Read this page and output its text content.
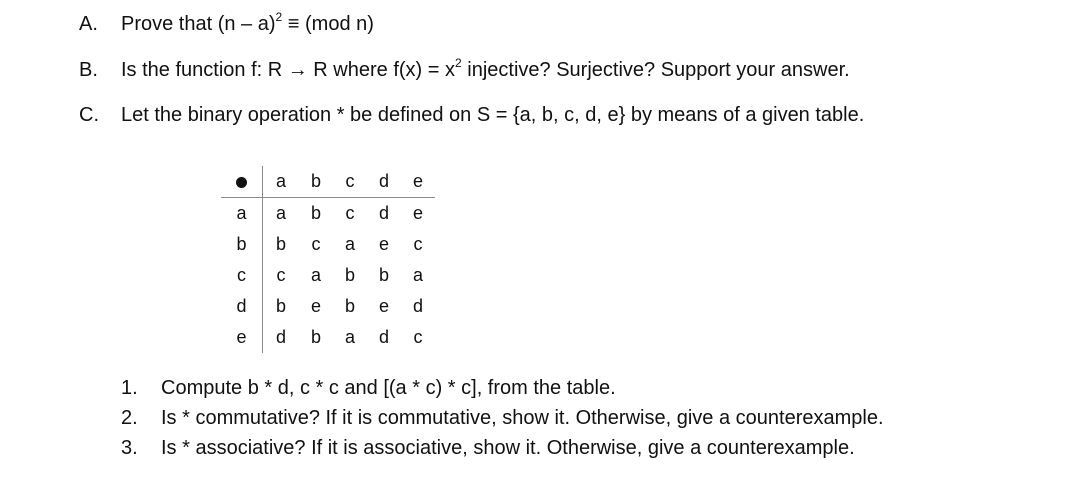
A. Prove that (n – a)$^2$ ≡ (mod n)
B. Is the function f: R → R where $f(x) = x^2$ injective? Surjective? Support your answer.
C. Let the binary operation * be defined on S = {a, b, c, d, e} by means of a given table.
	a	b	c	d	e
a	a	b	c	d	e
b	b	c	a	e	c
c	c	a	b	b	a
d	b	e	b	e	d
e	d	b	a	d	c
1. Compute b * d, c * c and [(a * c) * c], from the table.
2. Is * commutative? If it is commutative, show it. Otherwise, give a counterexample.
3. Is * associative? If it is associative, show it. Otherwise, give a counterexample.
